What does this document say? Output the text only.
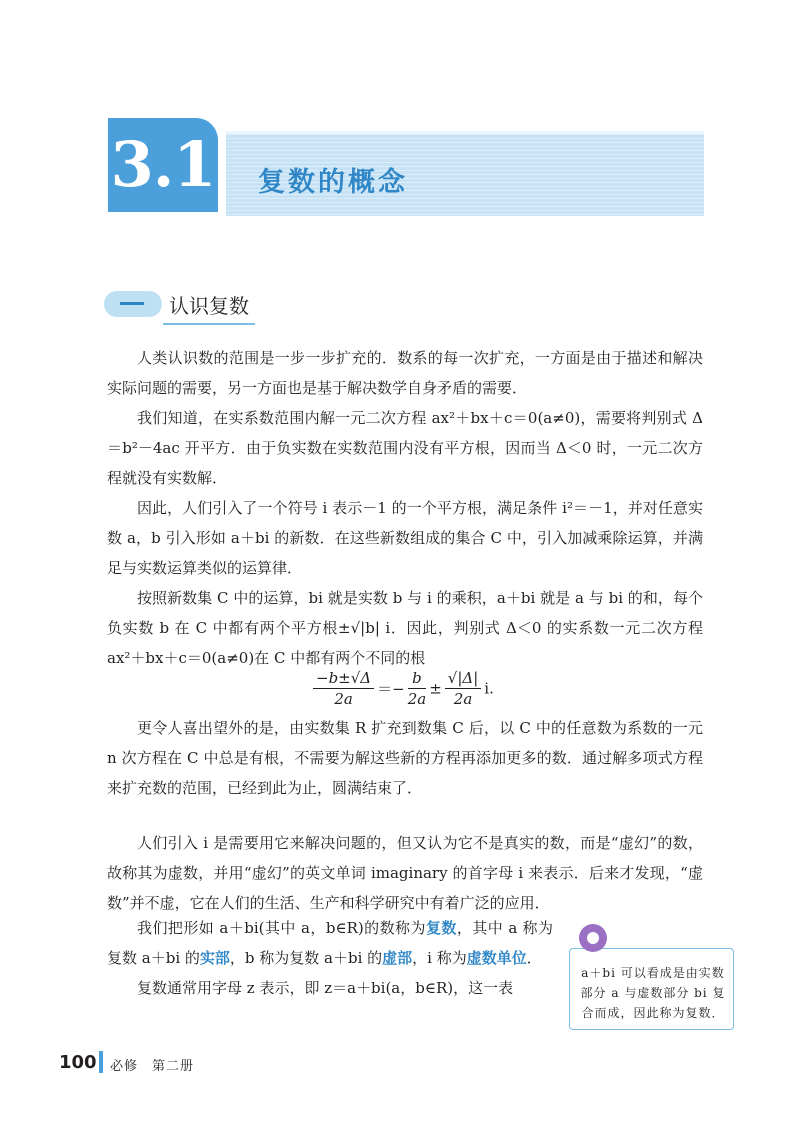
3.1 复数的概念
认识复数

人类认识数的范围是一步一步扩充的．数系的每一次扩充，一方面是由于描述和解决实际问题的需要，另一方面也是基于解决数学自身矛盾的需要．

我们知道，在实系数范围内解一元二次方程 ax²＋bx＋c＝0(a≠0)，需要将判别式 Δ＝b²－4ac 开平方．由于负实数在实数范围内没有平方根，因而当 Δ＜0 时，一元二次方程就没有实数解．

因此，人们引入了一个符号 i 表示－1 的一个平方根，满足条件 i²＝－1，并对任意实数 a，b 引入形如 a＋bi 的新数．在这些新数组成的集合 C 中，引入加减乘除运算，并满足与实数运算类似的运算律．

按照新数集 C 中的运算，bi 就是实数 b 与 i 的乘积，a＋bi 就是 a 与 bi 的和，每个负实数 b 在 C 中都有两个平方根±√|b| i．因此，判别式 Δ＜0 的实系数一元二次方程 ax²＋bx＋c＝0(a≠0)在 C 中都有两个不同的根

$\frac{-b\pm√\Delta}{2a} =- \frac{b}{2a} \pm \frac{√|\Delta|}{2a} i$.

更令人喜出望外的是，由实数集 R 扩充到数集 C 后，以 C 中的任意数为系数的一元 n 次方程在 C 中总是有根，不需要为解这些新的方程再添加更多的数．通过解多项式方程来扩充数的范围，已经到此为止，圆满结束了．

人们引入 i 是需要用它来解决问题的，但又认为它不是真实的数，而是“虚幻”的数，故称其为虚数，并用“虚幻”的英文单词 imaginary 的首字母 i 来表示．后来才发现，“虚数”并不虚，它在人们的生活、生产和科学研究中有着广泛的应用．

我们把形如 a＋bi(其中 a，b∈R)的数称为复数，其中 a 称为复数 a＋bi 的实部，b 称为复数 a＋bi 的虚部，i 称为虚数单位．

复数通常用字母 z 表示，即 z＝a＋bi(a，b∈R)，这一表

a＋bi 可以看成是由实数部分 a 与虚数部分 bi 复合而成，因此称为复数．
100 必修　第二册
